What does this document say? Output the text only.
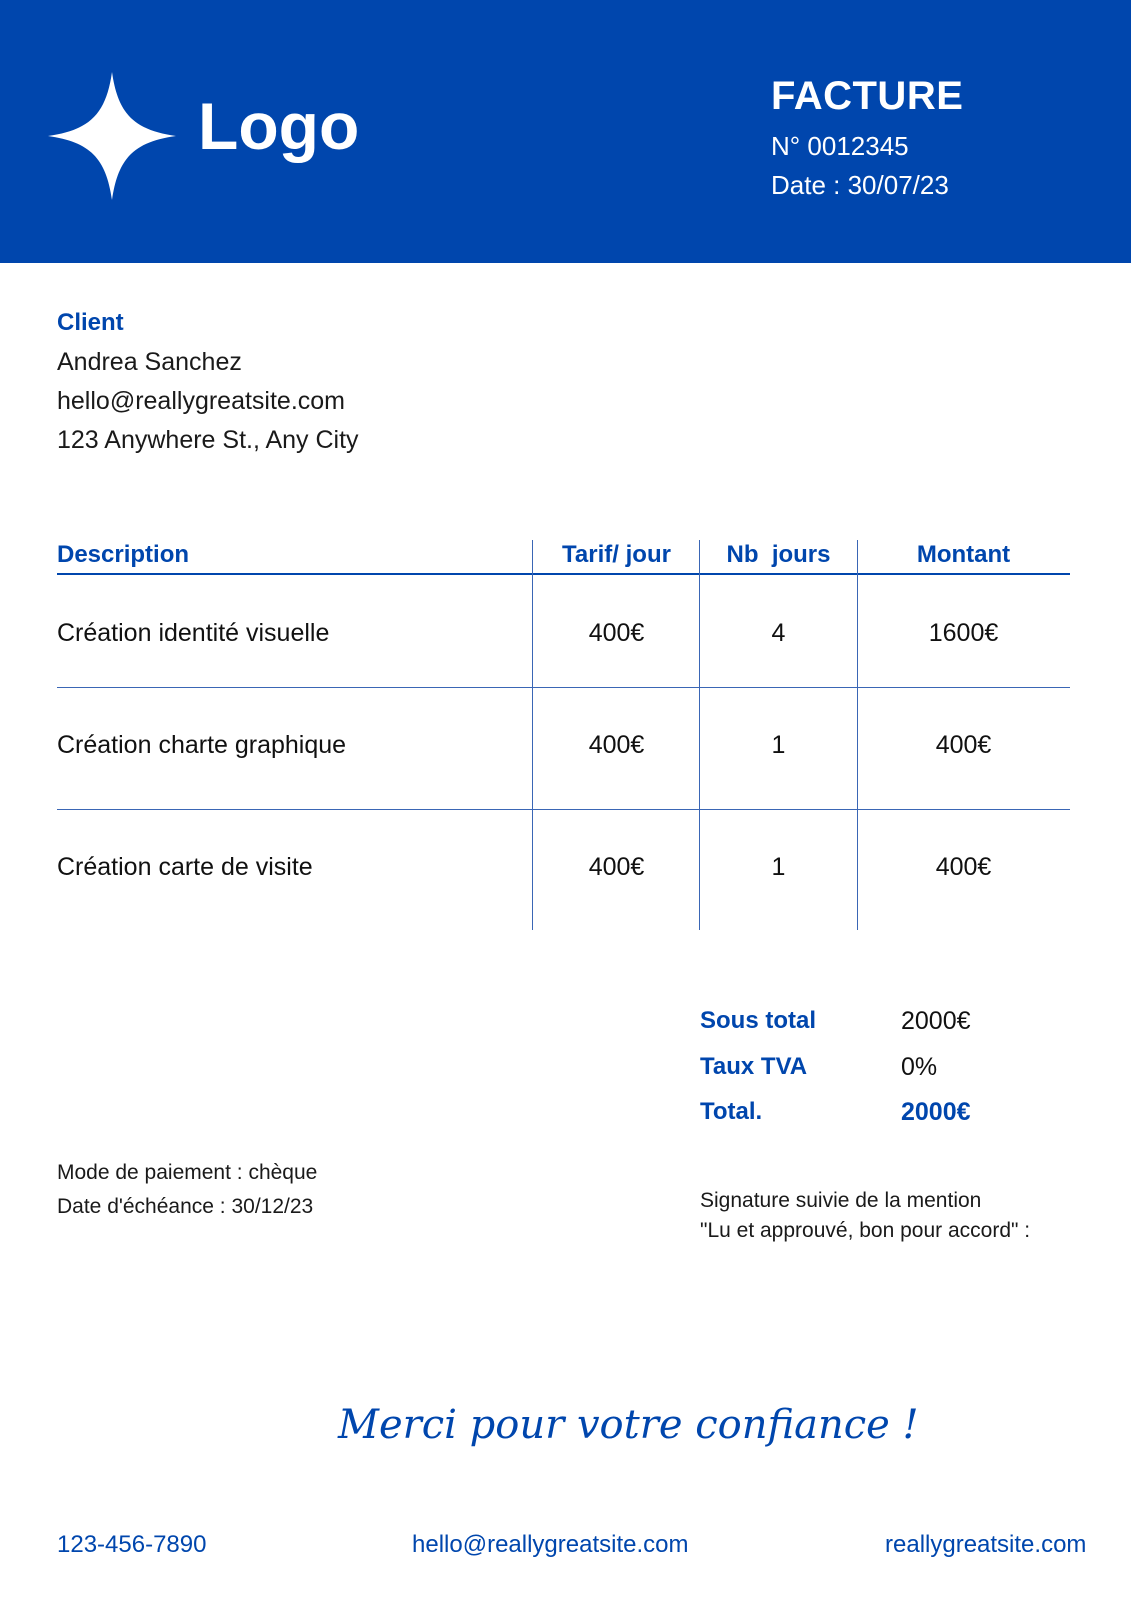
Logo	FACTURE
N° 0012345
Date : 30/07/23
Client
Andrea Sanchez
hello@reallygreatsite.com
123 Anywhere St., Any City
Description	Tarif/ jour	Nb  jours	Montant
Création identité visuelle	400€	4	1600€
Création charte graphique	400€	1	400€
Création carte de visite	400€	1	400€
Sous total	2000€
Taux TVA	0%
Total.	2000€
Mode de paiement : chèque
Date d'échéance : 30/12/23	Signature suivie de la mention
"Lu et approuvé, bon pour accord" :
Merci pour votre confiance !
123-456-7890	hello@reallygreatsite.com	reallygreatsite.com
